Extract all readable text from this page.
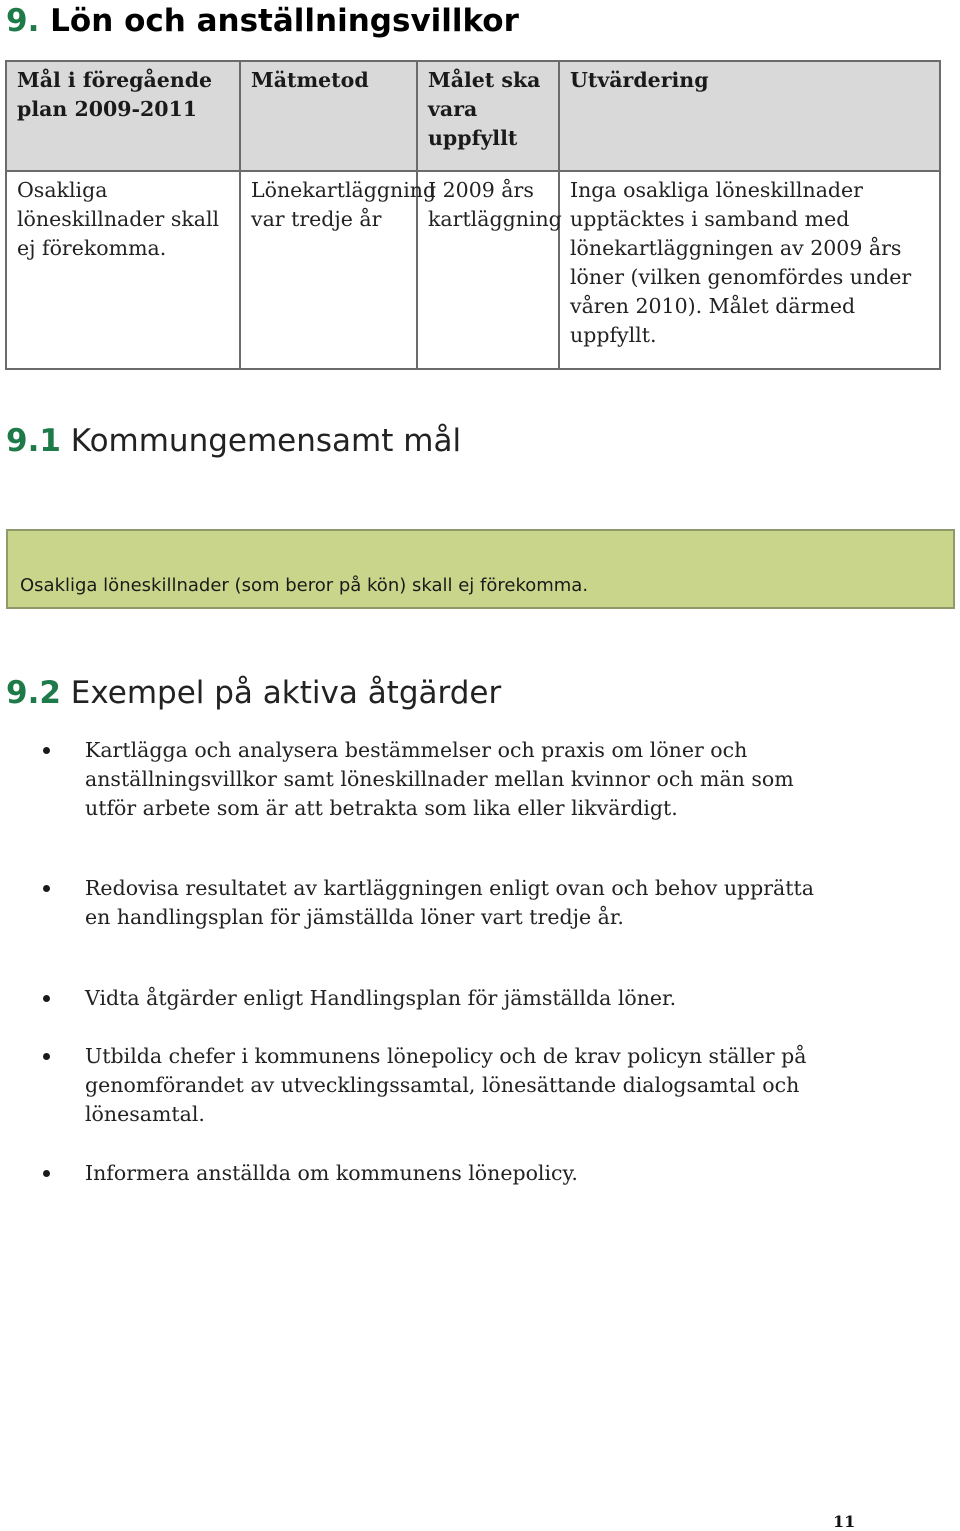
9. Lön och anställningsvillkor
Mål i föregående plan 2009-2011	Mätmetod	Målet ska vara uppfyllt	Utvärdering
Osakliga löneskillnader skall ej förekomma.	Lönekartläggning var tredje år	I 2009 års kartläggning	Inga osakliga löneskillnader upptäcktes i samband med lönekartläggningen av 2009 års löner (vilken genomfördes under våren 2010). Målet därmed uppfyllt.
9.1 Kommungemensamt mål
Osakliga löneskillnader (som beror på kön) skall ej förekomma.
9.2 Exempel på aktiva åtgärder
Kartlägga och analysera bestämmelser och praxis om löner och anställningsvillkor samt löneskillnader mellan kvinnor och män som utför arbete som är att betrakta som lika eller likvärdigt.
Redovisa resultatet av kartläggningen enligt ovan och behov upprätta en handlingsplan för jämställda löner vart tredje år.
Vidta åtgärder enligt Handlingsplan för jämställda löner.
Utbilda chefer i kommunens lönepolicy och de krav policyn ställer på genomförandet av utvecklingssamtal, lönesättande dialogsamtal och lönesamtal.
Informera anställda om kommunens lönepolicy.
11
